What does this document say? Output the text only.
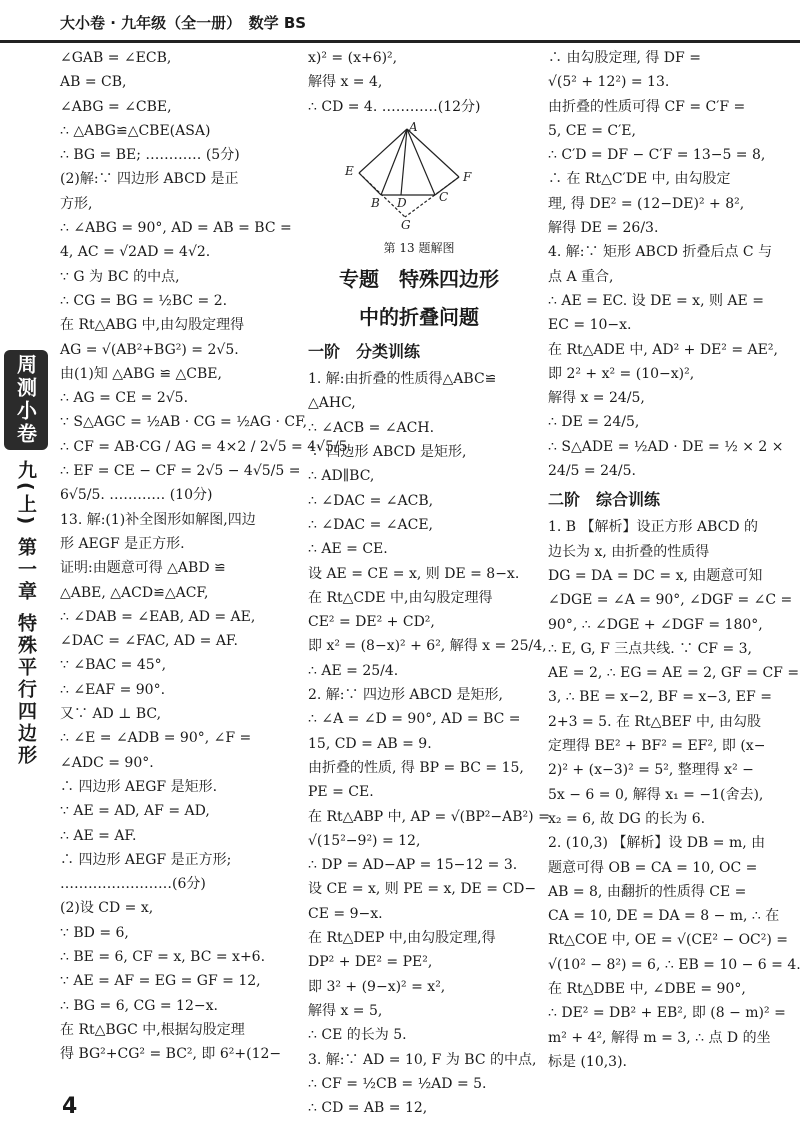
大小卷 · 九年级（全一册）　数学 BS
周测小卷
九(上)
第一章
特殊平行四边形
∠GAB = ∠ECB,
AB = CB,
∠ABG = ∠CBE,
∴ △ABG≌△CBE(ASA)
∴ BG = BE; ………… (5分)
(2)解:∵ 四边形 ABCD 是正
方形,
∴ ∠ABG = 90°, AD = AB = BC =
4, AC = √2AD = 4√2.
∵ G 为 BC 的中点,
∴ CG = BG = ½BC = 2.
在 Rt△ABG 中,由勾股定理得
AG = √(AB²+BG²) = 2√5.
由(1)知 △ABG ≌ △CBE,
∴ AG = CE = 2√5.
∵ S△AGC = ½AB · CG = ½AG · CF,
∴ CF = AB·CG / AG = 4×2 / 2√5 = 4√5/5.
∴ EF = CE − CF = 2√5 − 4√5/5 =
6√5/5. ………… (10分)
13. 解:(1)补全图形如解图,四边
形 AEGF 是正方形.
证明:由题意可得 △ABD ≌
△ABE, △ACD≌△ACF,
∴ ∠DAB = ∠EAB, AD = AE,
∠DAC = ∠FAC, AD = AF.
∵ ∠BAC = 45°,
∴ ∠EAF = 90°.
又∵ AD ⊥ BC,
∴ ∠E = ∠ADB = 90°, ∠F =
∠ADC = 90°.
∴ 四边形 AEGF 是矩形.
∵ AE = AD, AF = AD,
∴ AE = AF.
∴ 四边形 AEGF 是正方形;
……………………(6分)
(2)设 CD = x,
∵ BD = 6,
∴ BE = 6, CF = x, BC = x+6.
∵ AE = AF = EG = GF = 12,
∴ BG = 6, CG = 12−x.
在 Rt△BGC 中,根据勾股定理
得 BG²+CG² = BC², 即 6²+(12−
x)² = (x+6)²,
解得 x = 4,
∴ CD = 4. …………(12分)
A
E	F
B D	C
G
第 13 题解图
专题　特殊四边形
中的折叠问题
一阶　分类训练
1. 解:由折叠的性质得△ABC≌
△AHC,
∴ ∠ACB = ∠ACH.
∵ 四边形 ABCD 是矩形,
∴ AD∥BC,
∴ ∠DAC = ∠ACB,
∴ ∠DAC = ∠ACE,
∴ AE = CE.
设 AE = CE = x, 则 DE = 8−x.
在 Rt△CDE 中,由勾股定理得
CE² = DE² + CD²,
即 x² = (8−x)² + 6², 解得 x = 25/4,
∴ AE = 25/4.
2. 解:∵ 四边形 ABCD 是矩形,
∴ ∠A = ∠D = 90°, AD = BC =
15, CD = AB = 9.
由折叠的性质, 得 BP = BC = 15,
PE = CE.
在 Rt△ABP 中, AP = √(BP²−AB²) =
√(15²−9²) = 12,
∴ DP = AD−AP = 15−12 = 3.
设 CE = x, 则 PE = x, DE = CD−
CE = 9−x.
在 Rt△DEP 中,由勾股定理,得
DP² + DE² = PE²,
即 3² + (9−x)² = x²,
解得 x = 5,
∴ CE 的长为 5.
3. 解:∵ AD = 10, F 为 BC 的中点,
∴ CF = ½CB = ½AD = 5.
∴ CD = AB = 12,
∴ 由勾股定理, 得 DF =
√(5² + 12²) = 13.
由折叠的性质可得 CF = C′F =
5, CE = C′E,
∴ C′D = DF − C′F = 13−5 = 8,
∴ 在 Rt△C′DE 中, 由勾股定
理, 得 DE² = (12−DE)² + 8²,
解得 DE = 26/3.
4. 解:∵ 矩形 ABCD 折叠后点 C 与
点 A 重合,
∴ AE = EC. 设 DE = x, 则 AE =
EC = 10−x.
在 Rt△ADE 中, AD² + DE² = AE²,
即 2² + x² = (10−x)²,
解得 x = 24/5,
∴ DE = 24/5,
∴ S△ADE = ½AD · DE = ½ × 2 ×
24/5 = 24/5.
二阶　综合训练
1. B 【解析】设正方形 ABCD 的
边长为 x, 由折叠的性质得
DG = DA = DC = x, 由题意可知
∠DGE = ∠A = 90°, ∠DGF = ∠C =
90°, ∴ ∠DGE + ∠DGF = 180°,
∴ E, G, F 三点共线. ∵ CF = 3,
AE = 2, ∴ EG = AE = 2, GF = CF =
3, ∴ BE = x−2, BF = x−3, EF =
2+3 = 5. 在 Rt△BEF 中, 由勾股
定理得 BE² + BF² = EF², 即 (x−
2)² + (x−3)² = 5², 整理得 x² −
5x − 6 = 0, 解得 x₁ = −1(舍去),
x₂ = 6, 故 DG 的长为 6.
2. (10,3) 【解析】设 DB = m, 由
题意可得 OB = CA = 10, OC =
AB = 8, 由翻折的性质得 CE =
CA = 10, DE = DA = 8 − m, ∴ 在
Rt△COE 中, OE = √(CE² − OC²) =
√(10² − 8²) = 6, ∴ EB = 10 − 6 = 4.
在 Rt△DBE 中, ∠DBE = 90°,
∴ DE² = DB² + EB², 即 (8 − m)² =
m² + 4², 解得 m = 3, ∴ 点 D 的坐
标是 (10,3).
4
